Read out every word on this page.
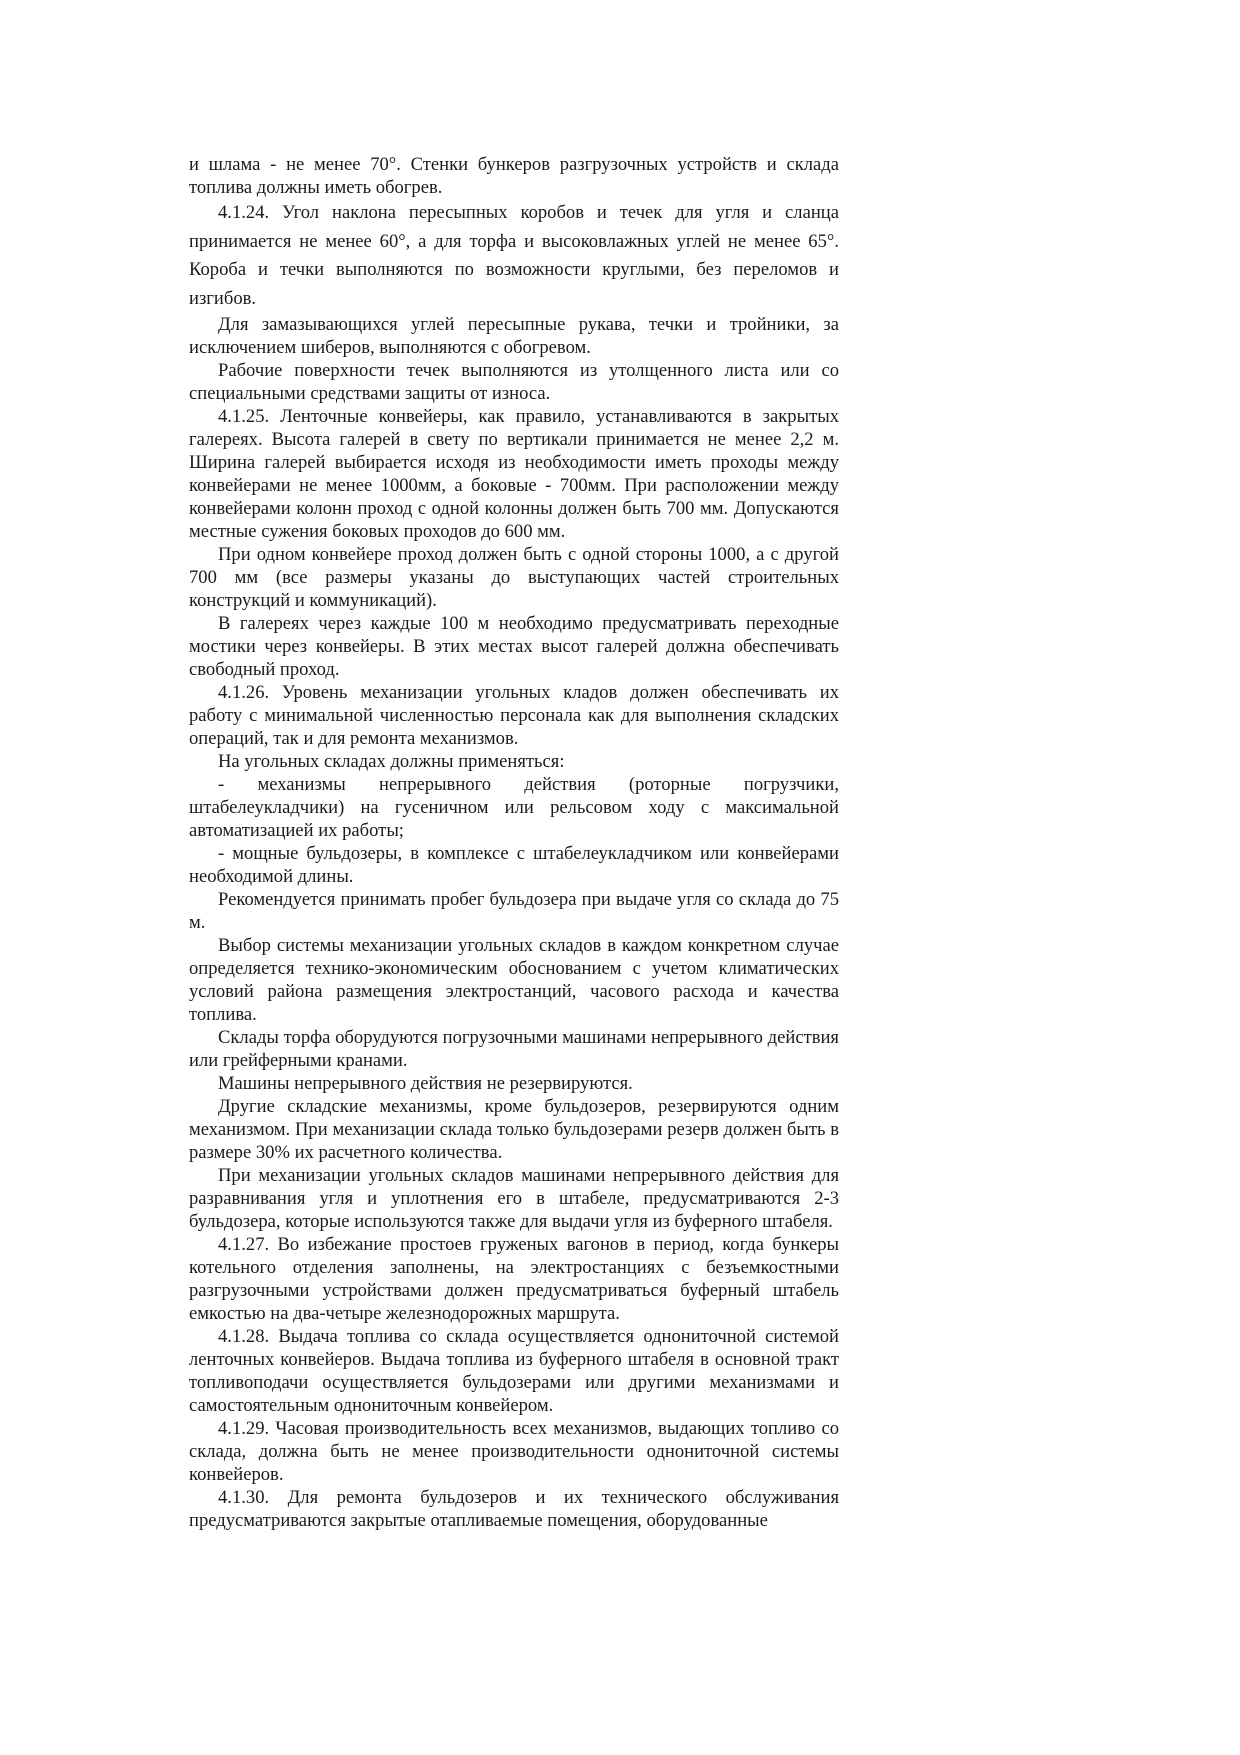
и шлама - не менее 70°. Стенки бункеров разгрузочных устройств и склада топлива должны иметь обогрев.

4.1.24. Угол наклона пересыпных коробов и течек для угля и сланца принимается не менее 60°, а для торфа и высоковлажных углей не менее 65°. Короба и течки выполняются по возможности круглыми, без переломов и изгибов.

Для замазывающихся углей пересыпные рукава, течки и тройники, за исключением шиберов, выполняются с обогревом.

Рабочие поверхности течек выполняются из утолщенного листа или со специальными средствами защиты от износа.

4.1.25. Ленточные конвейеры, как правило, устанавливаются в закрытых галереях. Высота галерей в свету по вертикали принимается не менее 2,2 м. Ширина галерей выбирается исходя из необходимости иметь проходы между конвейерами не менее 1000мм, а боковые - 700мм. При расположении между конвейерами колонн проход с одной колонны должен быть 700 мм. Допускаются местные сужения боковых проходов до 600 мм.

При одном конвейере проход должен быть с одной стороны 1000, а с другой 700 мм (все размеры указаны до выступающих частей строительных конструкций и коммуникаций).

В галереях через каждые 100 м необходимо предусматривать переходные мостики через конвейеры. В этих местах высот галерей должна обеспечивать свободный проход.

4.1.26. Уровень механизации угольных кладов должен обеспечивать их работу с минимальной численностью персонала как для выполнения складских операций, так и для ремонта механизмов.

На угольных складах должны применяться:

- механизмы непрерывного действия (роторные погрузчики, штабелеукладчики) на гусеничном или рельсовом ходу с максимальной автоматизацией их работы;

- мощные бульдозеры, в комплексе с штабелеукладчиком или конвейерами необходимой длины.

Рекомендуется принимать пробег бульдозера при выдаче угля со склада до 75 м.

Выбор системы механизации угольных складов в каждом конкретном случае определяется технико-экономическим обоснованием с учетом климатических условий района размещения электростанций, часового расхода и качества топлива.

Склады торфа оборудуются погрузочными машинами непрерывного действия или грейферными кранами.

Машины непрерывного действия не резервируются.

Другие складские механизмы, кроме бульдозеров, резервируются одним механизмом. При механизации склада только бульдозерами резерв должен быть в размере 30% их расчетного количества.

При механизации угольных складов машинами непрерывного действия для разравнивания угля и уплотнения его в штабеле, предусматриваются 2-3 бульдозера, которые используются также для выдачи угля из буферного штабеля.

4.1.27. Во избежание простоев груженых вагонов в период, когда бункеры котельного отделения заполнены, на электростанциях с безъемкостными разгрузочными устройствами должен предусматриваться буферный штабель емкостью на два-четыре железнодорожных маршрута.

4.1.28. Выдача топлива со склада осуществляется однониточной системой ленточных конвейеров. Выдача топлива из буферного штабеля в основной тракт топливоподачи осуществляется бульдозерами или другими механизмами и самостоятельным однониточным конвейером.

4.1.29. Часовая производительность всех механизмов, выдающих топливо со склада, должна быть не менее производительности однониточной системы конвейеров.

4.1.30. Для ремонта бульдозеров и их технического обслуживания предусматриваются закрытые отапливаемые помещения, оборудованные
